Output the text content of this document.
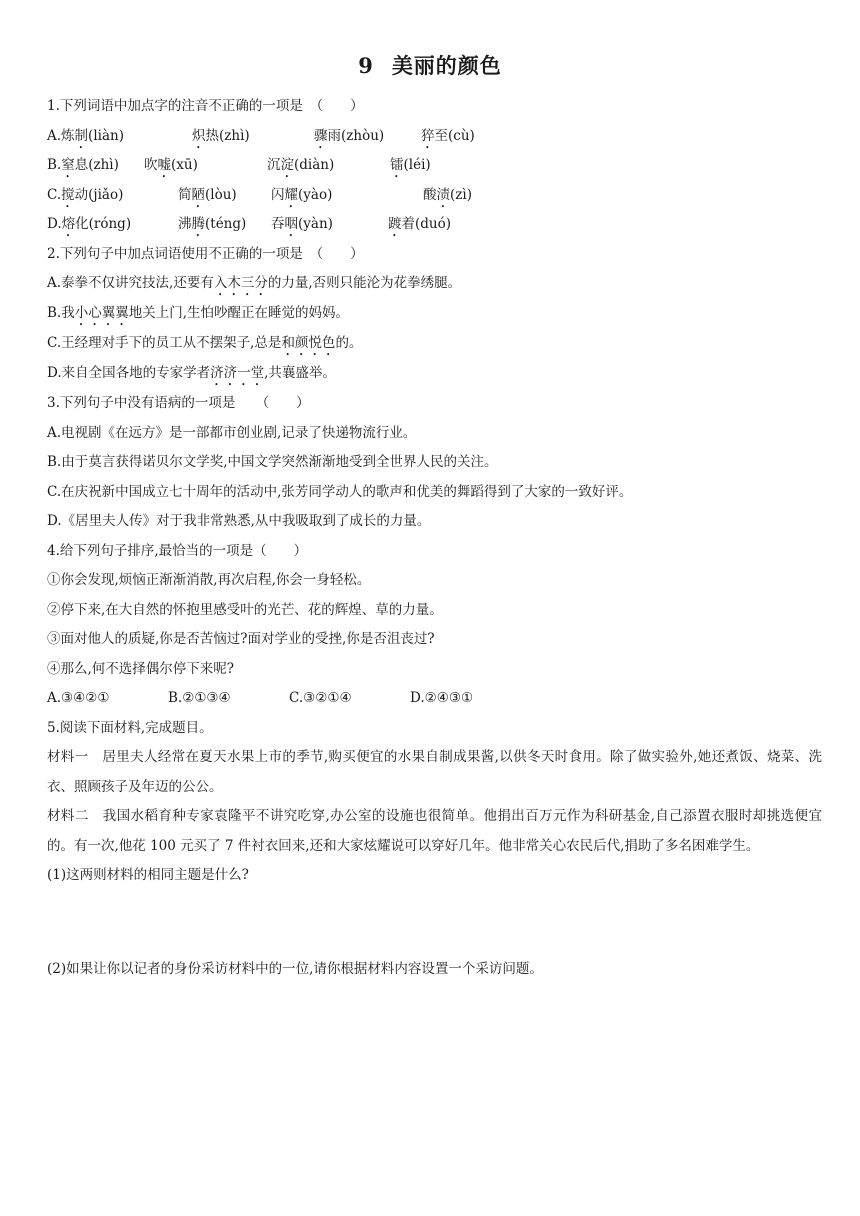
9 美丽的颜色
1.下列词语中加点字的注音不正确的一项是　（　　）
A.炼制(liàn)	炽热(zhì)	骤雨(zhòu)	猝至(cù)

B.窒息(zhì) 吹嘘(xū)	沉淀(diàn)	镭(léi)

C.搅动(jiǎo)	简陋(lòu)	闪耀(yào)	酸渍(zì)

D.熔化(róng)	沸腾(téng) 吞咽(yàn)	踱着(duó)

2.下列句子中加点词语使用不正确的一项是　（　　）
A.泰拳不仅讲究技法,还要有入木三分的力量,否则只能沦为花拳绣腿。
B.我小心翼翼地关上门,生怕吵醒正在睡觉的妈妈。
C.王经理对手下的员工从不摆架子,总是和颜悦色的。
D.来自全国各地的专家学者济济一堂,共襄盛举。
3.下列句子中没有语病的一项是　　（　　）
A.电视剧《在远方》是一部都市创业剧,记录了快递物流行业。
B.由于莫言获得诺贝尔文学奖,中国文学突然渐渐地受到全世界人民的关注。
C.在庆祝新中国成立七十周年的活动中,张芳同学动人的歌声和优美的舞蹈得到了大家的一致好评。
D.《居里夫人传》对于我非常熟悉,从中我吸取到了成长的力量。
4.给下列句子排序,最恰当的一项是（　　）
①你会发现,烦恼正渐渐消散,再次启程,你会一身轻松。
②停下来,在大自然的怀抱里感受叶的光芒、花的辉煌、草的力量。
③面对他人的质疑,你是否苦恼过?面对学业的受挫,你是否沮丧过?
④那么,何不选择偶尔停下来呢?
A.③④②①	B.②①③④	C.③②①④	D.②④③①
5.阅读下面材料,完成题目。
材料一　居里夫人经常在夏天水果上市的季节,购买便宜的水果自制成果酱,以供冬天时食用。除了做实验外,她还煮饭、烧菜、洗衣、照顾孩子及年迈的公公。
材料二　我国水稻育种专家袁隆平不讲究吃穿,办公室的设施也很简单。他捐出百万元作为科研基金,自己添置衣服时却挑选便宜的。有一次,他花 100 元买了 7 件衬衣回来,还和大家炫耀说可以穿好几年。他非常关心农民后代,捐助了多名困难学生。
(1)这两则材料的相同主题是什么?
(2)如果让你以记者的身份采访材料中的一位,请你根据材料内容设置一个采访问题。
